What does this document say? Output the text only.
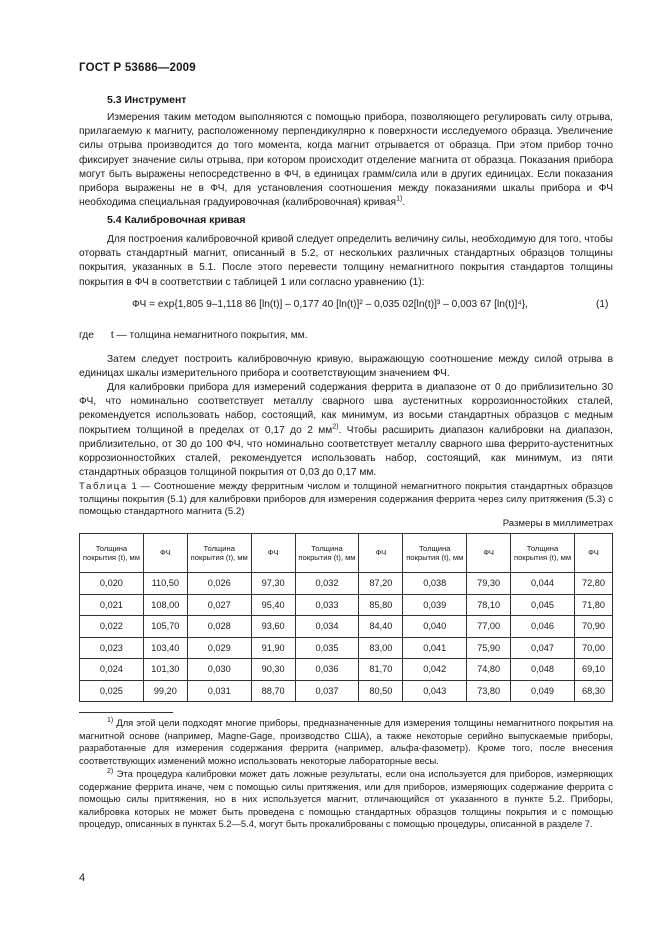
ГОСТ Р 53686—2009
5.3 Инструмент
Измерения таким методом выполняются с помощью прибора, позволяющего регулировать силу отрыва, прилагаемую к магниту, расположенному перпендикулярно к поверхности исследуемого образца. Увеличение силы отрыва производится до того момента, когда магнит отрывается от образца. При этом прибор точно фиксирует значение силы отрыва, при котором происходит отделение магнита от образца. Показания прибора могут быть выражены непосредственно в ФЧ, в единицах грамм/сила или в других единицах. Если показания прибора выражены не в ФЧ, для установления соотношения между показаниями шкалы прибора и ФЧ необходима специальная градуировочная (калибровочная) кривая$^{1)}$.
5.4 Калибровочная кривая
Для построения калибровочной кривой следует определить величину силы, необходимую для того, чтобы оторвать стандартный магнит, описанный в 5.2, от нескольких различных стандартных образцов толщины покрытия, указанных в 5.1. После этого перевести толщину немагнитного покрытия стандартов толщины покрытия в ФЧ в соответствии с таблицей 1 или согласно уравнению (1):
ФЧ = exp{1,805 9–1,118 86 [ln(t)] – 0,177 40 [ln(t)]² – 0,035 02[ln(t)]³ – 0,003 67 [ln(t)]⁴},	(1)
где      t — толщина немагнитного покрытия, мм.
Затем следует построить калибровочную кривую, выражающую соотношение между силой отрыва в единицах шкалы измерительного прибора и соответствующим значением ФЧ.
Для калибровки прибора для измерений содержания феррита в диапазоне от 0 до приблизительно 30 ФЧ, что номинально соответствует металлу сварного шва аустенитных коррозионностойких сталей, рекомендуется использовать набор, состоящий, как минимум, из восьми стандартных образцов с медным покрытием толщиной в пределах от 0,17 до 2 $мм^{2)}$. Чтобы расширить диапазон калибровки на диапазон, приблизительно, от 30 до 100 ФЧ, что номинально соответствует металлу сварного шва феррито-аустенитных коррозионностойких сталей, рекомендуется использовать набор, состоящий, как минимум, из пяти стандартных образцов толщиной покрытия от 0,03 до 0,17 мм.
Таблица 1 — Соотношение между ферритным числом и толщиной немагнитного покрытия стандартных образцов толщины покрытия (5.1) для калибровки приборов для измерения содержания феррита через силу притяжения (5.3) с помощью стандартного магнита (5.2)
Размеры в миллиметрах
Толщина покрытия (t), мм	ФЧ	Толщина покрытия (t), мм	ФЧ	Толщина покрытия (t), мм	ФЧ	Толщина покрытия (t), мм	ФЧ	Толщина покрытия (t), мм	ФЧ
0,020	110,50	0,026	97,30	0,032	87,20	0,038	79,30	0,044	72,80
0,021	108,00	0,027	95,40	0,033	85,80	0,039	78,10	0,045	71,80
0,022	105,70	0,028	93,60	0,034	84,40	0,040	77,00	0,046	70,90
0,023	103,40	0,029	91,90	0,035	83,00	0,041	75,90	0,047	70,00
0,024	101,30	0,030	90,30	0,036	81,70	0,042	74,80	0,048	69,10
0,025	99,20	0,031	88,70	0,037	80,50	0,043	73,80	0,049	68,30
$^{1)}$ Для этой цели подходят многие приборы, предназначенные для измерения толщины немагнитного покрытия на магнитной основе (например, Magne-Gage, производство США), а также некоторые серийно выпускаемые приборы, разработанные для измерения содержания феррита (например, альфа-фазометр). Кроме того, после внесения соответствующих изменений можно использовать некоторые лабораторные весы.
$^{2)}$ Эта процедура калибровки может дать ложные результаты, если она используется для приборов, измеряющих содержание феррита иначе, чем с помощью силы притяжения, или для приборов, измеряющих содержание феррита с помощью силы притяжения, но в них используется магнит, отличающийся от указанного в пункте 5.2. Приборы, калибровка которых не может быть проведена с помощью стандартных образцов толщины покрытия и с помощью процедур, описанных в пунктах 5.2—5.4, могут быть прокалиброваны с помощью процедуры, описанной в разделе 7.
4
